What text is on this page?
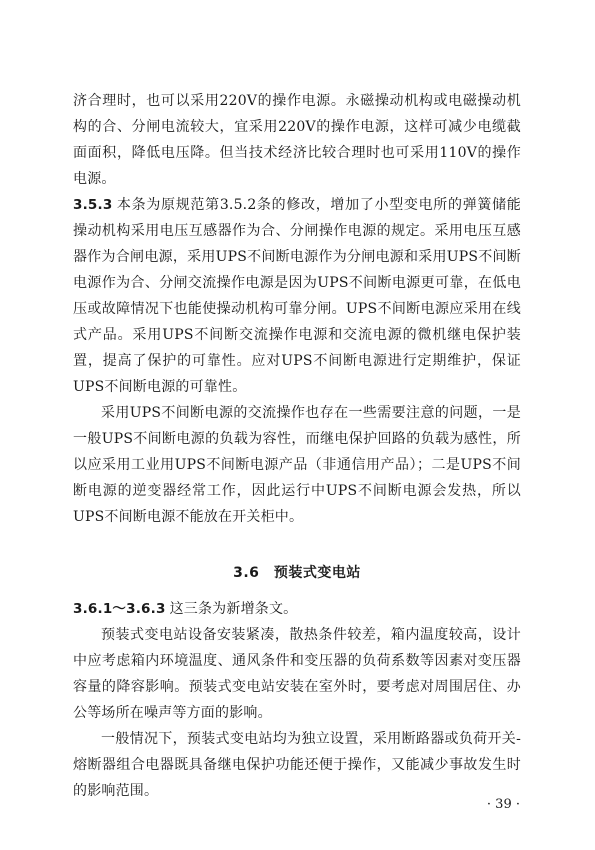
济合理时，也可以采用220V的操作电源。永磁操动机构或电磁操动机构的合、分闸电流较大，宜采用220V的操作电源，这样可减少电缆截面面积，降低电压降。但当技术经济比较合理时也可采用110V的操作电源。

3.5.3 本条为原规范第3.5.2条的修改，增加了小型变电所的弹簧储能操动机构采用电压互感器作为合、分闸操作电源的规定。采用电压互感器作为合闸电源，采用UPS不间断电源作为分闸电源和采用UPS不间断电源作为合、分闸交流操作电源是因为UPS不间断电源更可靠，在低电压或故障情况下也能使操动机构可靠分闸。UPS不间断电源应采用在线式产品。采用UPS不间断交流操作电源和交流电源的微机继电保护装置，提高了保护的可靠性。应对UPS不间断电源进行定期维护，保证UPS不间断电源的可靠性。

采用UPS不间断电源的交流操作也存在一些需要注意的问题，一是一般UPS不间断电源的负载为容性，而继电保护回路的负载为感性，所以应采用工业用UPS不间断电源产品（非通信用产品）；二是UPS不间断电源的逆变器经常工作，因此运行中UPS不间断电源会发热，所以UPS不间断电源不能放在开关柜中。

3.6　预装式变电站

3.6.1～3.6.3 这三条为新增条文。

预装式变电站设备安装紧凑，散热条件较差，箱内温度较高，设计中应考虑箱内环境温度、通风条件和变压器的负荷系数等因素对变压器容量的降容影响。预装式变电站安装在室外时，要考虑对周围居住、办公等场所在噪声等方面的影响。

一般情况下，预装式变电站均为独立设置，采用断路器或负荷开关-熔断器组合电器既具备继电保护功能还便于操作，又能减少事故发生时的影响范围。

· 39 ·
